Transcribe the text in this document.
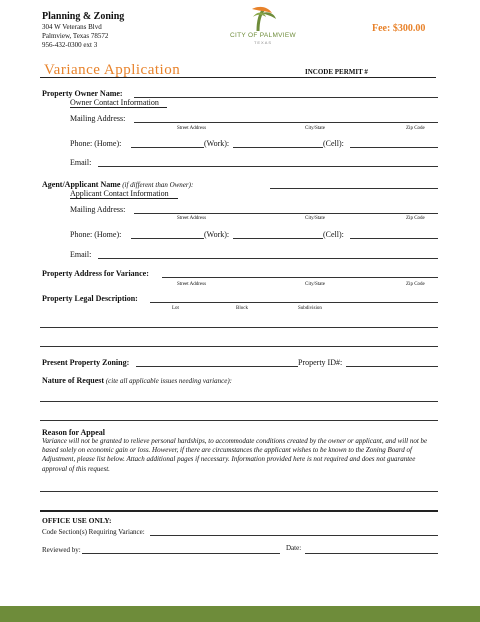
Planning & Zoning
304 W Veterans Blvd
Palmview, Texas 78572
956-432-0300 ext 3
CITY OF PALMVIEW
TEXAS
Fee: $300.00
Variance Application	INCODE PERMIT #
Property Owner Name:
Owner Contact Information
Mailing Address:
Street Address	City/State	Zip Code
Phone: (Home):	(Work):	(Cell):
Email:
Agent/Applicant Name (if different than Owner):
Applicant Contact Information
Mailing Address:
Street Address	City/State	Zip Code
Phone: (Home):	(Work):	(Cell):
Email:
Property Address for Variance:
Street Address	City/State	Zip Code
Property Legal Description:
Lot	Block	Subdivision
Present Property Zoning:	Property ID#:
Nature of Request (cite all applicable issues needing variance):
Reason for Appeal
Variance will not be granted to relieve personal hardships, to accommodate conditions created by the owner or applicant, and will not be based solely on economic gain or loss. However, if there are circumstances the applicant wishes to be known to the Zoning Board of Adjustment, please list below. Attach additional pages if necessary. Information provided here is not required and does not guarantee approval of this request.
OFFICE USE ONLY:
Code Section(s) Requiring Variance:
Reviewed by:	Date:
